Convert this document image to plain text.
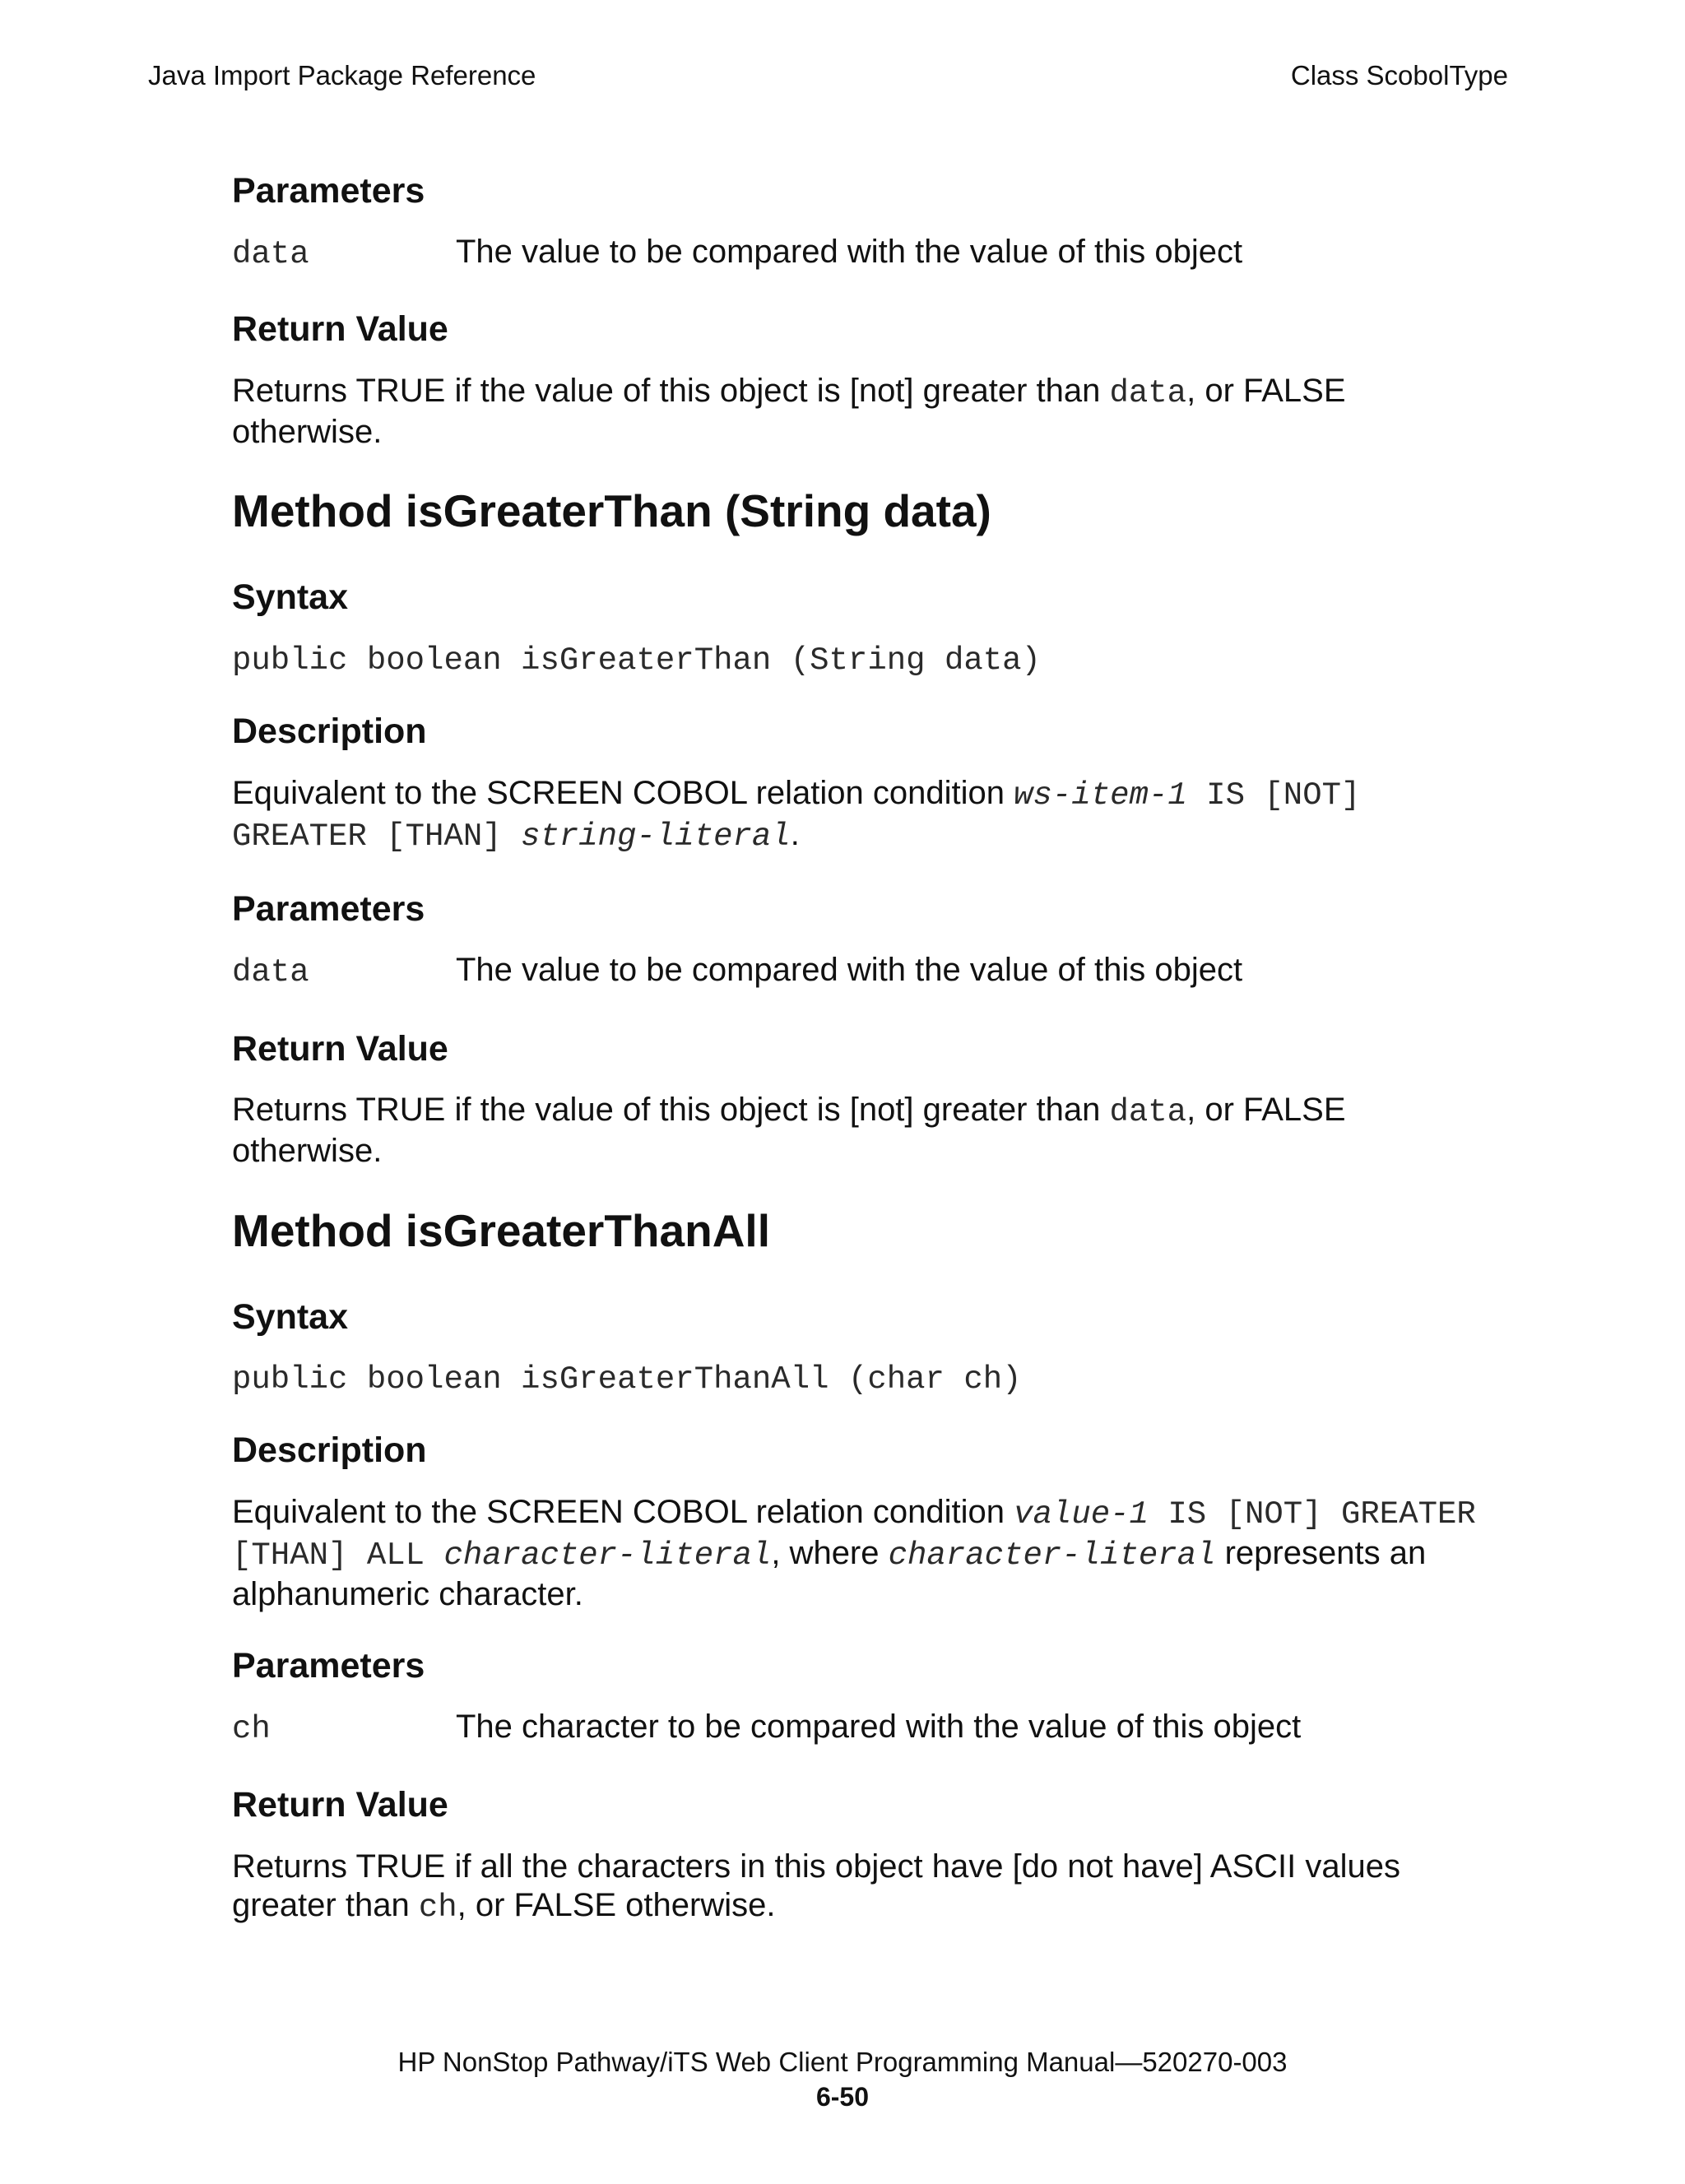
Java Import Package Reference	Class ScobolType
Parameters
data	The value to be compared with the value of this object
Return Value
Returns TRUE if the value of this object is [not] greater than data, or FALSE
otherwise.
Method isGreaterThan (String data)
Syntax
public boolean isGreaterThan (String data)
Description
Equivalent to the SCREEN COBOL relation condition ws-item-1 IS [NOT]
GREATER [THAN] string-literal.
Parameters
data	The value to be compared with the value of this object
Return Value
Returns TRUE if the value of this object is [not] greater than data, or FALSE
otherwise.
Method isGreaterThanAll
Syntax
public boolean isGreaterThanAll (char ch)
Description
Equivalent to the SCREEN COBOL relation condition value-1 IS [NOT] GREATER
[THAN] ALL character-literal, where character-literal represents an
alphanumeric character.
Parameters
ch	The character to be compared with the value of this object
Return Value
Returns TRUE if all the characters in this object have [do not have] ASCII values
greater than ch, or FALSE otherwise.
HP NonStop Pathway/iTS Web Client Programming Manual—520270-003
6-50
